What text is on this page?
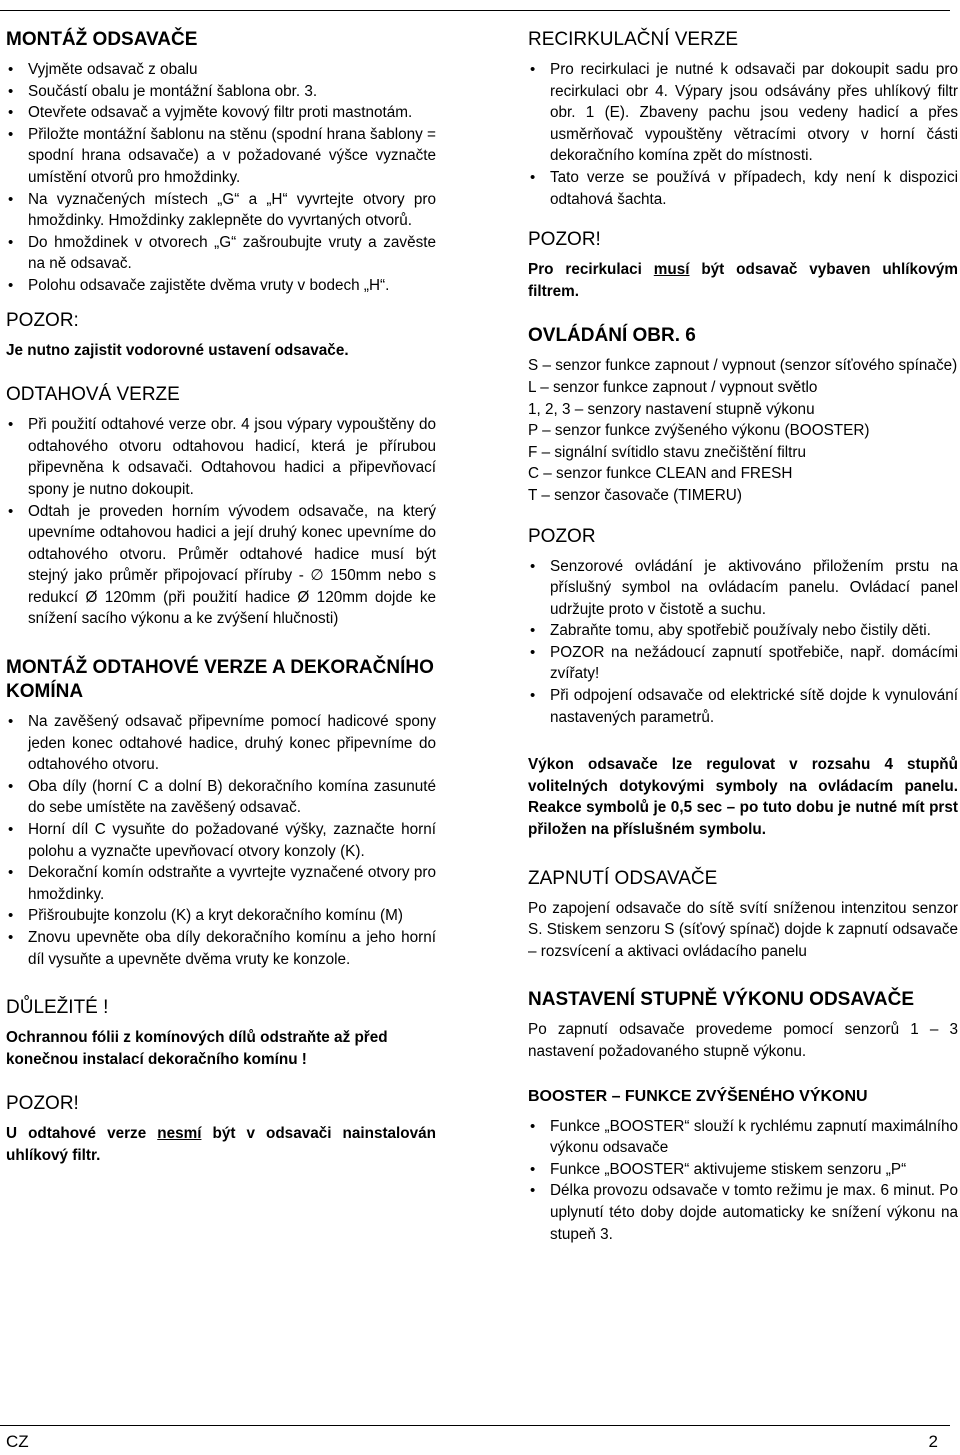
MONTÁŽ ODSAVAČE
• Vyjměte odsavač z obalu
• Součástí obalu je montážní šablona obr. 3.
• Otevřete odsavač a vyjměte kovový filtr proti mastnotám.
• Přiložte montážní šablonu na stěnu (spodní hrana šablony = spodní hrana odsavače) a v požadované výšce vyznačte umístění otvorů pro hmoždinky.
• Na vyznačených místech „G“ a „H“ vyvrtejte otvory pro hmoždinky. Hmoždinky zaklepněte do vyvrtaných otvorů.
• Do hmoždinek v otvorech „G“ zašroubujte vruty a zavěste na ně odsavač.
• Polohu odsavače zajistěte dvěma vruty v bodech „H“.
POZOR:

Je nutno zajistit vodorovné ustavení odsavače.

ODTAHOVÁ VERZE
• Při použití odtahové verze obr. 4 jsou výpary vypouštěny do odtahového otvoru odtahovou hadicí, která je přírubou připevněna k odsavači. Odtahovou hadici a připevňovací spony je nutno dokoupit.
• Odtah je proveden horním vývodem odsavače, na který upevníme odtahovou hadici a její druhý konec upevníme do odtahového otvoru. Průměr odtahové hadice musí být stejný jako průměr připojovací příruby - ∅ 150mm nebo s redukcí Ø 120mm (při použití hadice Ø 120mm dojde ke snížení sacího výkonu a ke zvýšení hlučnosti)
MONTÁŽ ODTAHOVÉ VERZE A DEKORAČNÍHO KOMÍNA
• Na zavěšený odsavač připevníme pomocí hadicové spony jeden konec odtahové hadice, druhý konec připevníme do odtahového otvoru.
• Oba díly (horní C a dolní B) dekoračního komína zasunuté do sebe umístěte na zavěšený odsavač.
• Horní díl C vysuňte do požadované výšky, zaznačte horní polohu a vyznačte upevňovací otvory konzoly (K).
• Dekorační komín odstraňte a vyvrtejte vyznačené otvory pro hmoždinky.
• Přišroubujte konzolu (K) a kryt dekoračního komínu (M)
• Znovu upevněte oba díly dekoračního komínu a jeho horní díl vysuňte a upevněte dvěma vruty ke konzole.
DŮLEŽITÉ !

Ochrannou fólii z komínových dílů odstraňte až před konečnou instalací dekoračního komínu !

POZOR!

U odtahové verze nesmí být v odsavači nainstalován uhlíkový filtr.

RECIRKULAČNÍ VERZE
• Pro recirkulaci je nutné k odsavači par dokoupit sadu pro recirkulaci obr 4. Výpary jsou odsávány přes uhlíkový filtr obr. 1 (E). Zbaveny pachu jsou vedeny hadicí a přes usměrňovač vypouštěny větracími otvory v horní části dekoračního komína zpět do místnosti.
• Tato verze se používá v případech, kdy není k dispozici odtahová šachta.
POZOR!

Pro recirkulaci musí být odsavač vybaven uhlíkovým filtrem.

OVLÁDÁNÍ OBR. 6

S – senzor funkce zapnout / vypnout (senzor síťového spínače)

L – senzor funkce zapnout / vypnout světlo

1, 2, 3 – senzory nastavení stupně výkonu

P – senzor funkce zvýšeného výkonu (BOOSTER)

F – signální svítidlo stavu znečištění filtru

C – senzor funkce CLEAN and FRESH

T – senzor časovače (TIMERU)

POZOR
• Senzorové ovládání je aktivováno přiložením prstu na příslušný symbol na ovládacím panelu. Ovládací panel udržujte proto v čistotě a suchu.
• Zabraňte tomu, aby spotřebič používaly nebo čistily děti.
• POZOR na nežádoucí zapnutí spotřebiče, např. domácími zvířaty!
• Při odpojení odsavače od elektrické sítě dojde k vynulování nastavených parametrů.

Výkon odsavače lze regulovat v rozsahu 4 stupňů volitelných dotykovými symboly na ovládacím panelu. Reakce symbolů je 0,5 sec – po tuto dobu je nutné mít prst přiložen na příslušném symbolu.

ZAPNUTÍ ODSAVAČE

Po zapojení odsavače do sítě svítí sníženou intenzitou senzor S. Stiskem senzoru S (síťový spínač) dojde k zapnutí odsavače – rozsvícení a aktivaci ovládacího panelu

NASTAVENÍ STUPNĚ VÝKONU ODSAVAČE

Po zapnutí odsavače provedeme pomocí senzorů 1 – 3 nastavení požadovaného stupně výkonu.

BOOSTER – FUNKCE ZVÝŠENÉHO VÝKONU
• Funkce „BOOSTER“ slouží k rychlému zapnutí maximálního výkonu odsavače
• Funkce „BOOSTER“ aktivujeme stiskem senzoru „P“
• Délka provozu odsavače v tomto režimu je max. 6 minut. Po uplynutí této doby dojde automaticky ke snížení výkonu na stupeň 3.
CZ	2
